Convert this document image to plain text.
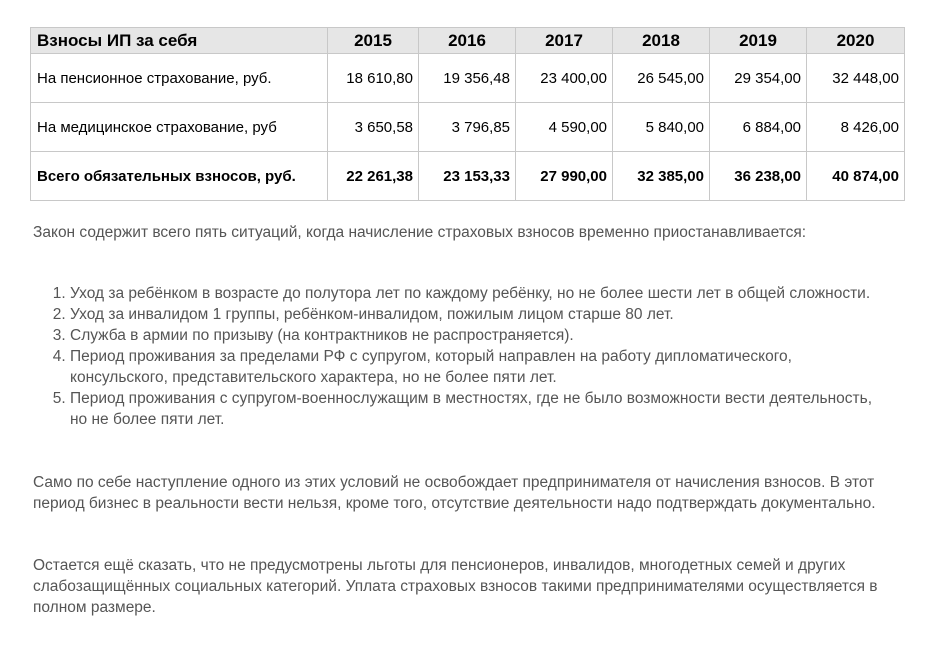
Взносы ИП за себя	2015	2016	2017	2018	2019	2020
На пенсионное страхование, руб.	18 610,80	19 356,48	23 400,00	26 545,00	29 354,00	32 448,00
На медицинское страхование, руб	3 650,58	3 796,85	4 590,00	5 840,00	6 884,00	8 426,00
Всего обязательных взносов, руб.	22 261,38	23 153,33	27 990,00	32 385,00	36 238,00	40 874,00

Закон содержит всего пять ситуаций, когда начисление страховых взносов временно приостанавливается:

1. Уход за ребёнком в возрасте до полутора лет по каждому ребёнку, но не более шести лет в общей сложности.
2. Уход за инвалидом 1 группы, ребёнком-инвалидом, пожилым лицом старше 80 лет.
3. Служба в армии по призыву (на контрактников не распространяется).
4. Период проживания за пределами РФ с супругом, который направлен на работу дипломатического, консульского, представительского характера, но не более пяти лет.
5. Период проживания с супругом-военнослужащим в местностях, где не было возможности вести деятельность, но не более пяти лет.

Само по себе наступление одного из этих условий не освобождает предпринимателя от начисления взносов. В этот период бизнес в реальности вести нельзя, кроме того, отсутствие деятельности надо подтверждать документально.

Остается ещё сказать, что не предусмотрены льготы для пенсионеров, инвалидов, многодетных семей и других слабозащищённых социальных категорий. Уплата страховых взносов такими предпринимателями осуществляется в полном размере.
